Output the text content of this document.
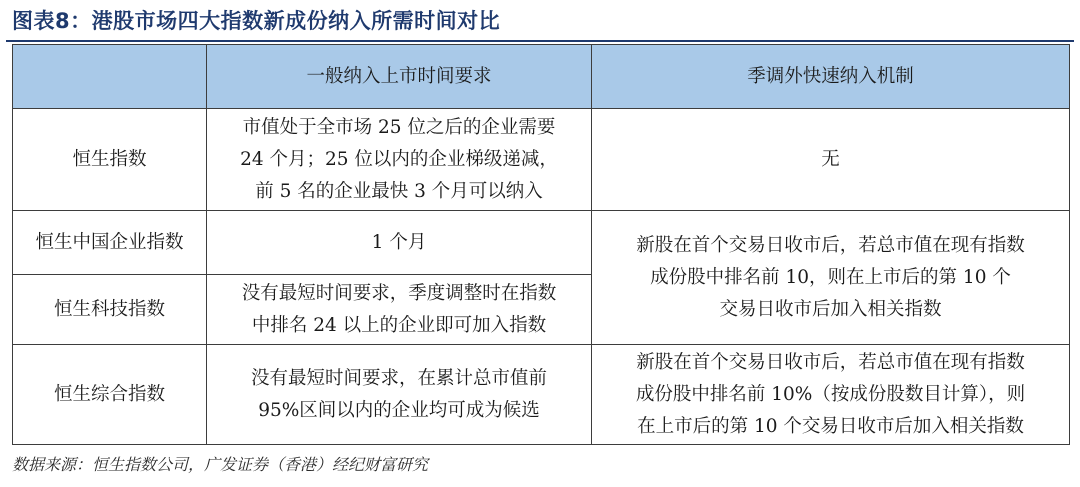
图表8：港股市场四大指数新成份纳入所需时间对比
	一般纳入上市时间要求	季调外快速纳入机制
恒生指数	市值处于全市场 25 位之后的企业需要
24 个月；25 位以内的企业梯级递减，
前 5 名的企业最快 3 个月可以纳入	无

恒生中国企业指数	1 个月	新股在首个交易日收市后，若总市值在现有指数
成份股中排名前 10，则在上市后的第 10 个
交易日收市后加入相关指数

恒生科技指数	没有最短时间要求，季度调整时在指数
中排名 24 以上的企业即可加入指数	

恒生综合指数	没有最短时间要求，在累计总市值前
95%区间以内的企业均可成为候选	新股在首个交易日收市后，若总市值在现有指数
成份股中排名前 10%（按成份股数目计算），则
在上市后的第 10 个交易日收市后加入相关指数
数据来源：恒生指数公司，广发证券（香港）经纪财富研究
